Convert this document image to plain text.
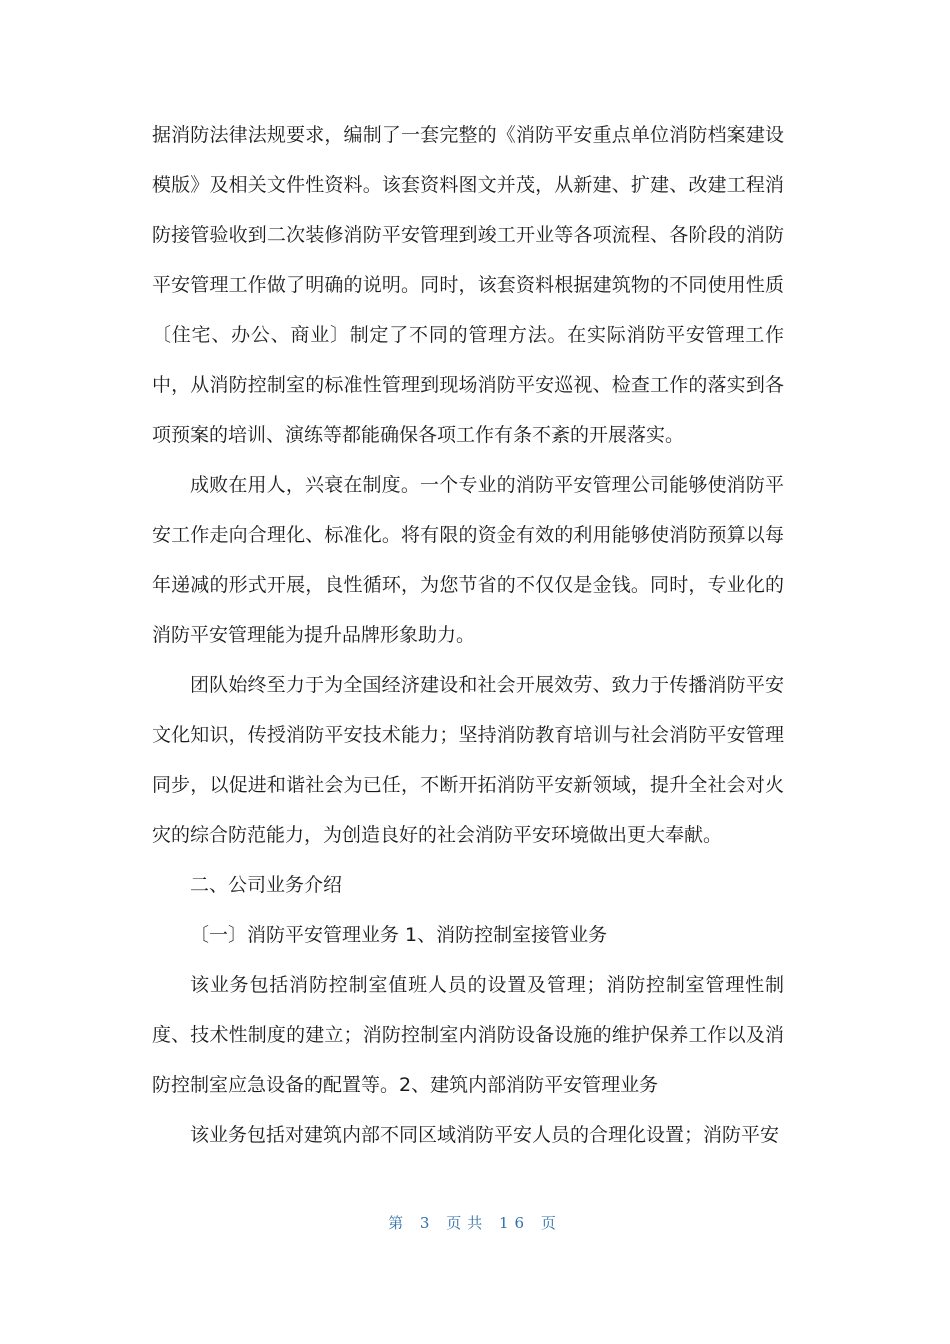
据消防法律法规要求，编制了一套完整的《消防平安重点单位消防档案建设模版》及相关文件性资料。该套资料图文并茂，从新建、扩建、改建工程消防接管验收到二次装修消防平安管理到竣工开业等各项流程、各阶段的消防平安管理工作做了明确的说明。同时，该套资料根据建筑物的不同使用性质〔住宅、办公、商业〕制定了不同的管理方法。在实际消防平安管理工作中，从消防控制室的标准性管理到现场消防平安巡视、检查工作的落实到各项预案的培训、演练等都能确保各项工作有条不紊的开展落实。

成败在用人，兴衰在制度。一个专业的消防平安管理公司能够使消防平安工作走向合理化、标准化。将有限的资金有效的利用能够使消防预算以每年递减的形式开展，良性循环，为您节省的不仅仅是金钱。同时，专业化的消防平安管理能为提升品牌形象助力。

团队始终至力于为全国经济建设和社会开展效劳、致力于传播消防平安文化知识，传授消防平安技术能力；坚持消防教育培训与社会消防平安管理同步，以促进和谐社会为已任，不断开拓消防平安新领域，提升全社会对火灾的综合防范能力，为创造良好的社会消防平安环境做出更大奉献。

二、公司业务介绍

〔一〕消防平安管理业务 1、消防控制室接管业务

该业务包括消防控制室值班人员的设置及管理；消防控制室管理性制度、技术性制度的建立；消防控制室内消防设备设施的维护保养工作以及消防控制室应急设备的配置等。2、建筑内部消防平安管理业务

该业务包括对建筑内部不同区域消防平安人员的合理化设置；消防平安

第 3 页共 16 页
